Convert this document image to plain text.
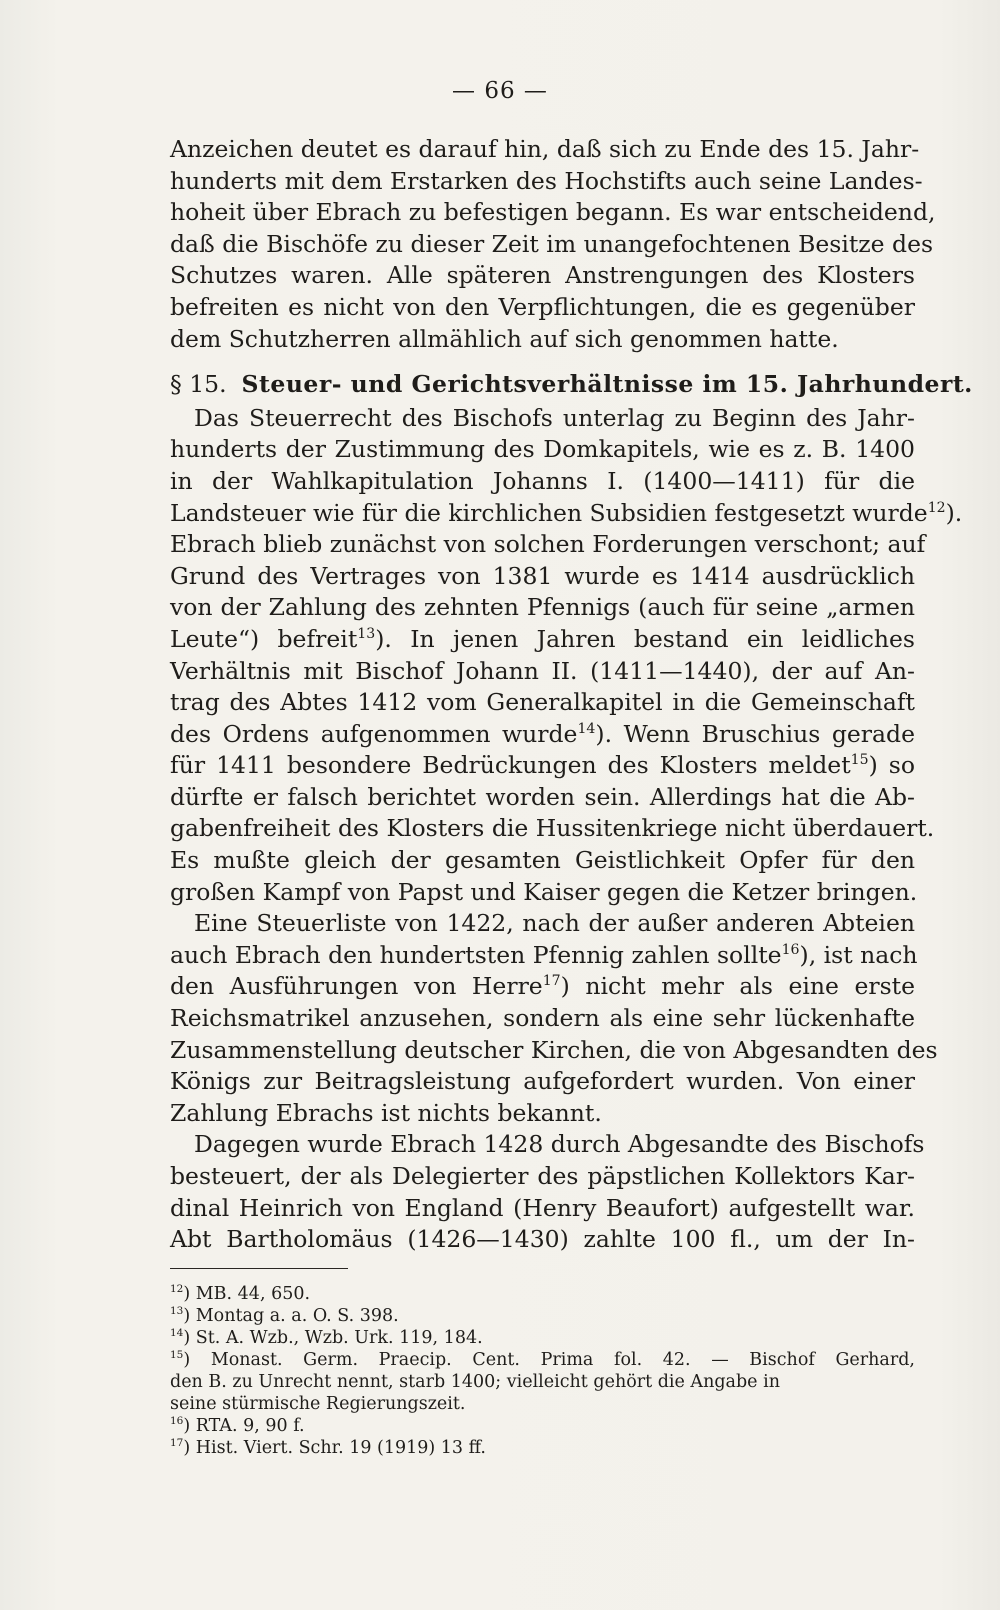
— 66 —
Anzeichen deutet es darauf hin, daß sich zu Ende des 15. Jahr-
hunderts mit dem Erstarken des Hochstifts auch seine Landes-
hoheit über Ebrach zu befestigen begann. Es war entscheidend,
daß die Bischöfe zu dieser Zeit im unangefochtenen Besitze des
Schutzes waren. Alle späteren Anstrengungen des Klosters
befreiten es nicht von den Verpflichtungen, die es gegenüber
dem Schutzherren allmählich auf sich genommen hatte.
§ 15. Steuer- und Gerichtsverhältnisse im 15. Jahrhundert.
Das Steuerrecht des Bischofs unterlag zu Beginn des Jahr-
hunderts der Zustimmung des Domkapitels, wie es z. B. 1400
in der Wahlkapitulation Johanns I. (1400—1411) für die
Landsteuer wie für die kirchlichen Subsidien festgesetzt wurde$^{12}$).
Ebrach blieb zunächst von solchen Forderungen verschont; auf
Grund des Vertrages von 1381 wurde es 1414 ausdrücklich
von der Zahlung des zehnten Pfennigs (auch für seine „armen
Leute“) befreit$^{13}$). In jenen Jahren bestand ein leidliches
Verhältnis mit Bischof Johann II. (1411—1440), der auf An-
trag des Abtes 1412 vom Generalkapitel in die Gemeinschaft
des Ordens aufgenommen wurde$^{14}$). Wenn Bruschius gerade
für 1411 besondere Bedrückungen des Klosters meldet$^{15}$) so
dürfte er falsch berichtet worden sein. Allerdings hat die Ab-
gabenfreiheit des Klosters die Hussitenkriege nicht überdauert.
Es mußte gleich der gesamten Geistlichkeit Opfer für den
großen Kampf von Papst und Kaiser gegen die Ketzer bringen.
Eine Steuerliste von 1422, nach der außer anderen Abteien
auch Ebrach den hundertsten Pfennig zahlen sollte$^{16}$), ist nach
den Ausführungen von Herre$^{17}$) nicht mehr als eine erste
Reichsmatrikel anzusehen, sondern als eine sehr lückenhafte
Zusammenstellung deutscher Kirchen, die von Abgesandten des
Königs zur Beitragsleistung aufgefordert wurden. Von einer
Zahlung Ebrachs ist nichts bekannt.
Dagegen wurde Ebrach 1428 durch Abgesandte des Bischofs
besteuert, der als Delegierter des päpstlichen Kollektors Kar-
dinal Heinrich von England (Henry Beaufort) aufgestellt war.
Abt Bartholomäus (1426—1430) zahlte 100 fl., um der In-
$^{12}$) MB. 44, 650.
$^{13}$) Montag a. a. O. S. 398.
$^{14}$) St. A. Wzb., Wzb. Urk. 119, 184.
$^{15}$) Monast. Germ. Praecip. Cent. Prima fol. 42. — Bischof Gerhard,
den B. zu Unrecht nennt, starb 1400; vielleicht gehört die Angabe in
seine stürmische Regierungszeit.
$^{16}$) RTA. 9, 90 f.
$^{17}$) Hist. Viert. Schr. 19 (1919) 13 ff.
